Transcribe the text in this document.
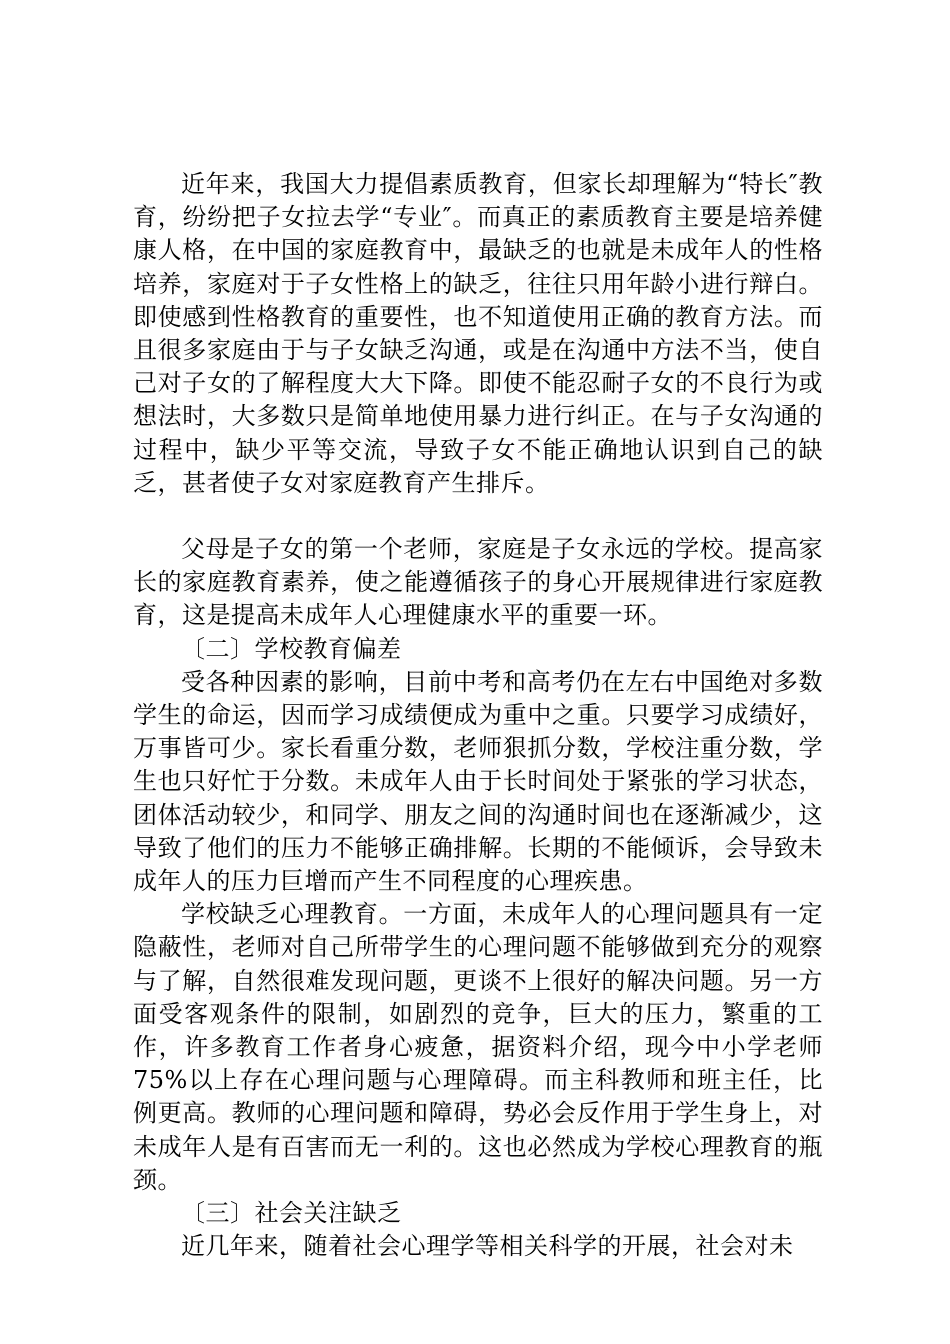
近年来，我国大力提倡素质教育，但家长却理解为“特长″教育，纷纷把子女拉去学“专业″。而真正的素质教育主要是培养健康人格，在中国的家庭教育中，最缺乏的也就是未成年人的性格培养，家庭对于子女性格上的缺乏，往往只用年龄小进行辩白。即使感到性格教育的重要性，也不知道使用正确的教育方法。而且很多家庭由于与子女缺乏沟通，或是在沟通中方法不当，使自己对子女的了解程度大大下降。即使不能忍耐子女的不良行为或想法时，大多数只是简单地使用暴力进行纠正。在与子女沟通的过程中，缺少平等交流，导致子女不能正确地认识到自己的缺乏，甚者使子女对家庭教育产生排斥。

父母是子女的第一个老师，家庭是子女永远的学校。提高家长的家庭教育素养，使之能遵循孩子的身心开展规律进行家庭教育，这是提高未成年人心理健康水平的重要一环。

〔二〕学校教育偏差

受各种因素的影响，目前中考和高考仍在左右中国绝对多数学生的命运，因而学习成绩便成为重中之重。只要学习成绩好，万事皆可少。家长看重分数，老师狠抓分数，学校注重分数，学生也只好忙于分数。未成年人由于长时间处于紧张的学习状态，团体活动较少，和同学、朋友之间的沟通时间也在逐渐减少，这导致了他们的压力不能够正确排解。长期的不能倾诉，会导致未成年人的压力巨增而产生不同程度的心理疾患。

学校缺乏心理教育。一方面，未成年人的心理问题具有一定隐蔽性，老师对自己所带学生的心理问题不能够做到充分的观察与了解，自然很难发现问题，更谈不上很好的解决问题。另一方面受客观条件的限制，如剧烈的竞争，巨大的压力，繁重的工作，许多教育工作者身心疲惫，据资料介绍，现今中小学老师75%以上存在心理问题与心理障碍。而主科教师和班主任，比例更高。教师的心理问题和障碍，势必会反作用于学生身上，对未成年人是有百害而无一利的。这也必然成为学校心理教育的瓶颈。

〔三〕社会关注缺乏

近几年来，随着社会心理学等相关科学的开展，社会对未
